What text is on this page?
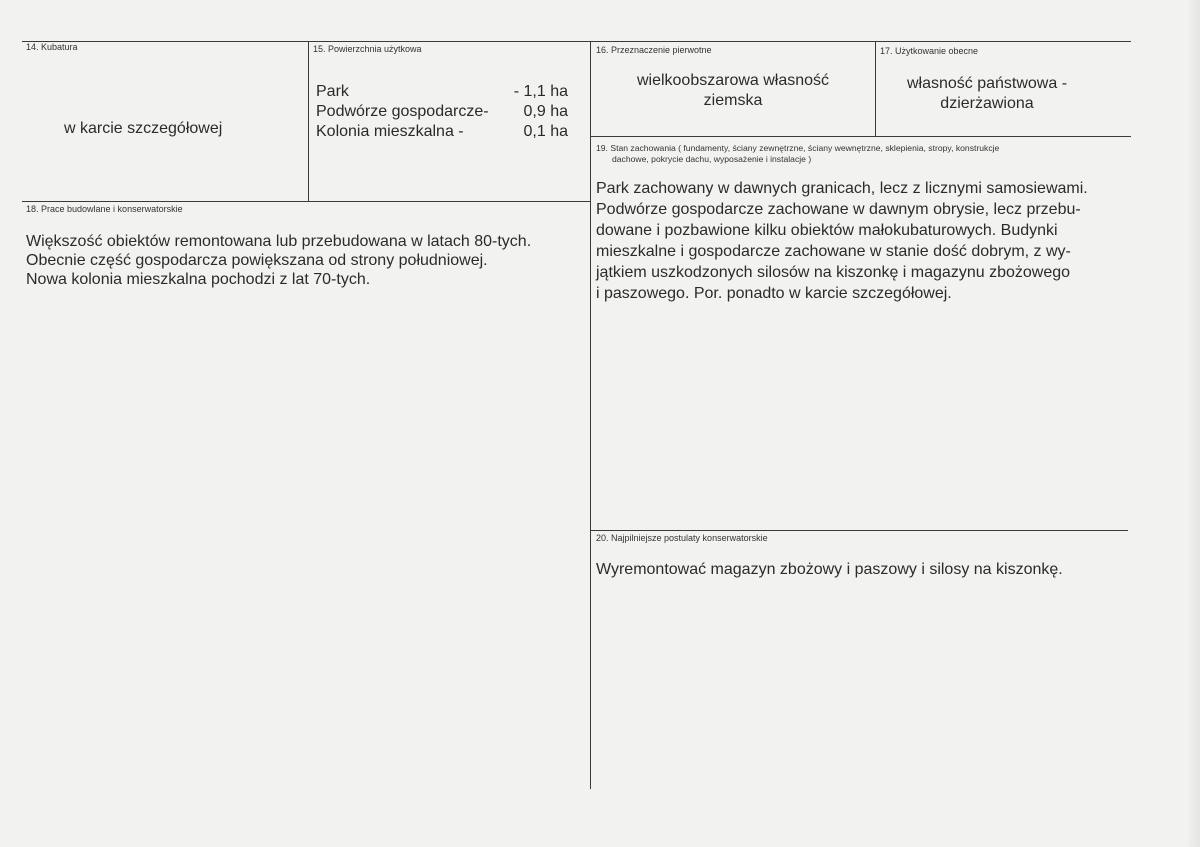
14. Kubatura
w karcie szczegółowej
15. Powierzchnia użytkowa
Park	- 1,1 ha
Podwórze gospodarcze- 0,9 ha
Kolonia mieszkalna -	0,1 ha
16. Przeznaczenie pierwotne
wielkoobszarowa własność
ziemska
17. Użytkowanie obecne
własność państwowa -
dzierżawiona
19. Stan zachowania ( fundamenty, ściany zewnętrzne, ściany wewnętrzne, sklepienia, stropy, konstrukcje
dachowe, pokrycie dachu, wyposażenie i instalacje )
Park zachowany w dawnych granicach, lecz z licznymi samosiewami.
Podwórze gospodarcze zachowane w dawnym obrysie, lecz przebu-
dowane i pozbawione kilku obiektów małokubaturowych. Budynki
mieszkalne i gospodarcze zachowane w stanie dość dobrym, z wy-
jątkiem uszkodzonych silosów na kiszonkę i magazynu zbożowego
i paszowego. Por. ponadto w karcie szczegółowej.
18. Prace budowlane i konserwatorskie
Większość obiektów remontowana lub przebudowana w latach 80-tych.
Obecnie część gospodarcza powiększana od strony południowej.
Nowa kolonia mieszkalna pochodzi z lat 70-tych.
20. Najpilniejsze postulaty konserwatorskie
Wyremontować magazyn zbożowy i paszowy i silosy na kiszonkę.
